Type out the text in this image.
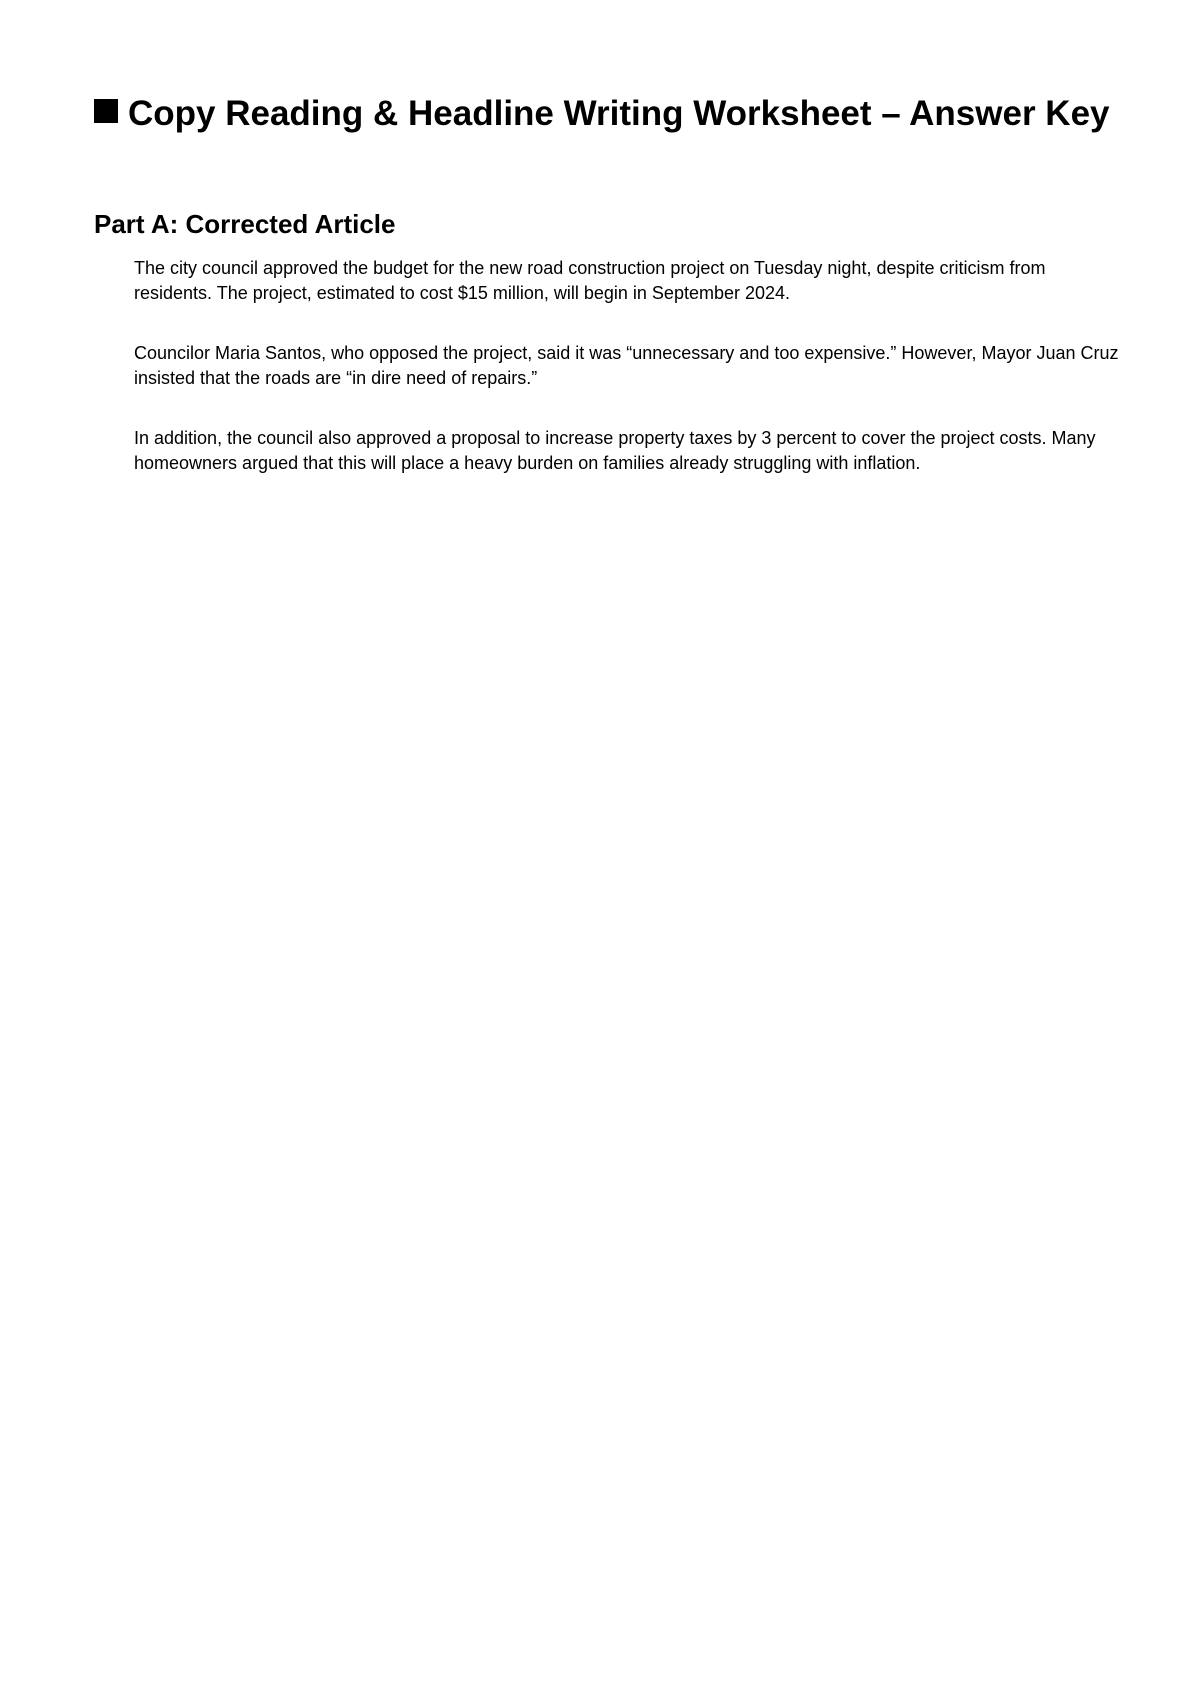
Copy Reading & Headline Writing Worksheet – Answer Key
Part A: Corrected Article

The city council approved the budget for the new road construction project on Tuesday night, despite criticism from residents. The project, estimated to cost $15 million, will begin in September 2024.

Councilor Maria Santos, who opposed the project, said it was “unnecessary and too expensive.” However, Mayor Juan Cruz insisted that the roads are “in dire need of repairs.”

In addition, the council also approved a proposal to increase property taxes by 3 percent to cover the project costs. Many homeowners argued that this will place a heavy burden on families already struggling with inflation.
